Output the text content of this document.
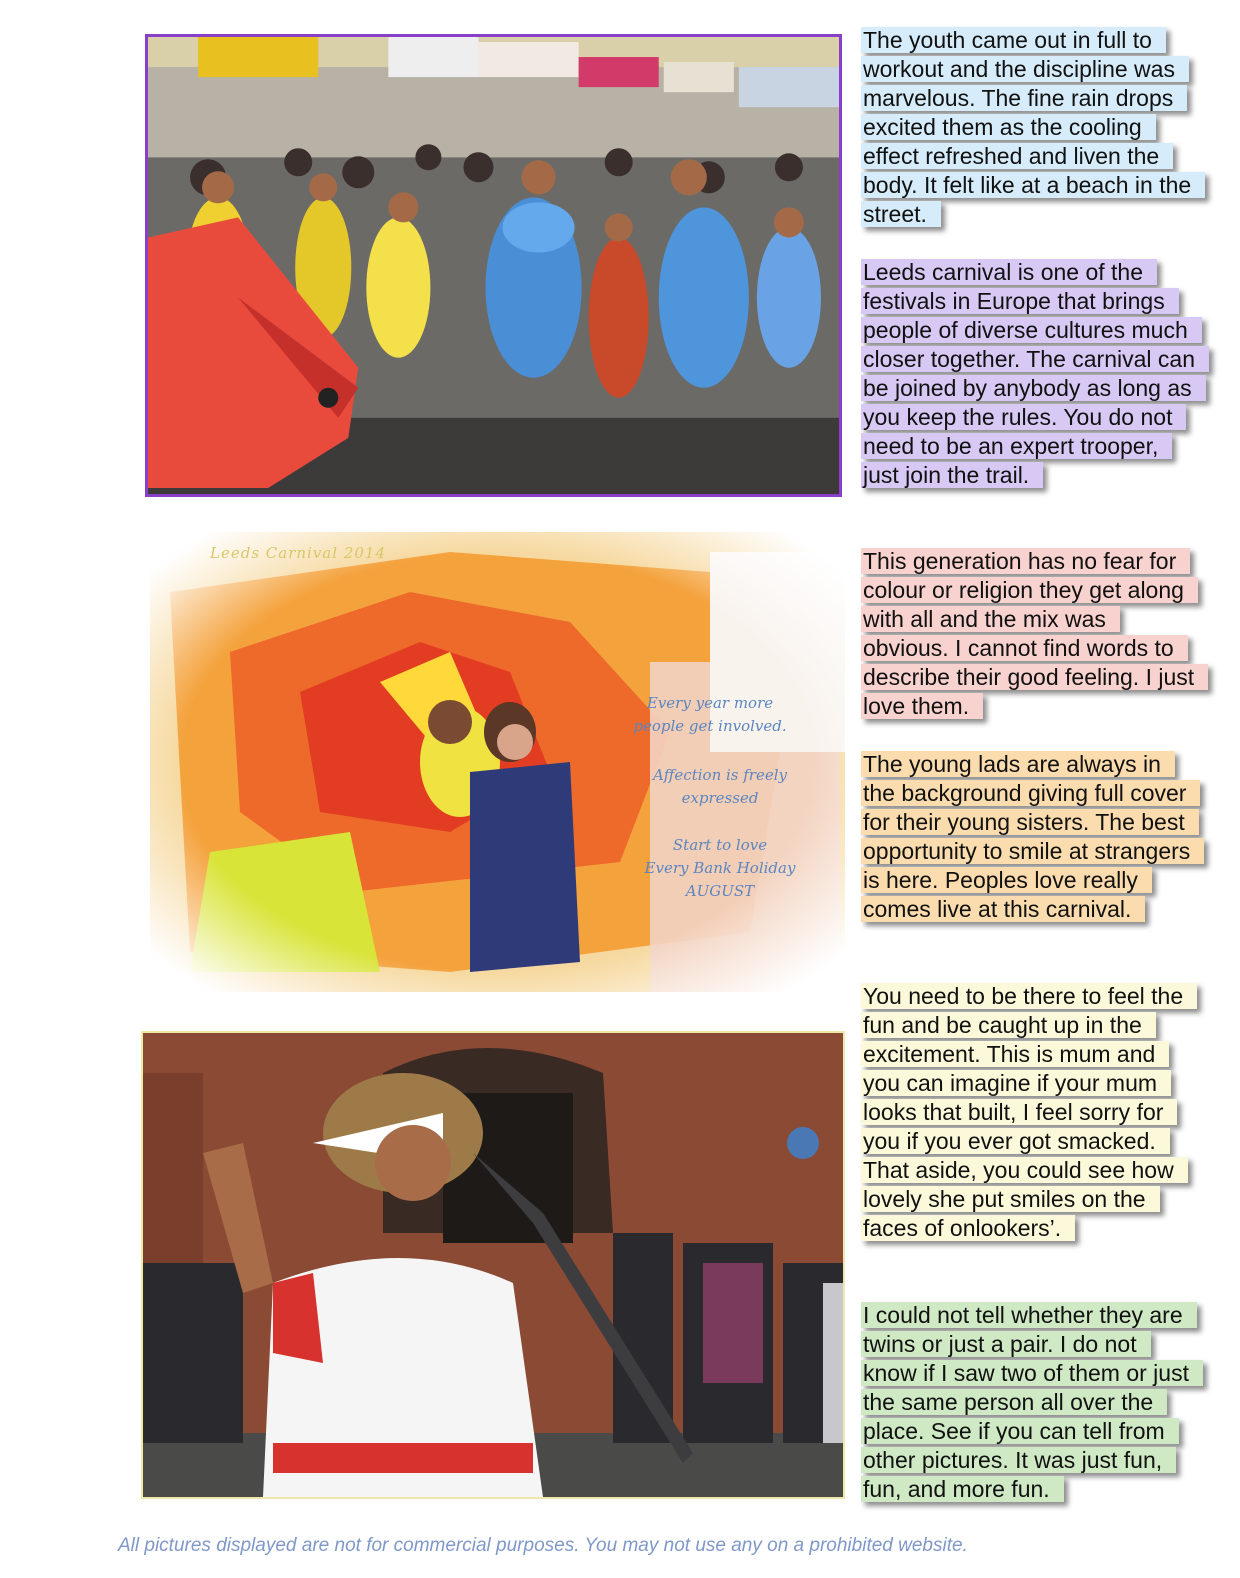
Leeds Carnival 2014
Every year more
people get involved.
Affection is freely
expressed
Start to love
Every Bank Holiday
AUGUST

The youth came out in full to workout and the discipline was marvelous. The fine rain drops excited them as the cooling effect refreshed and liven the body. It felt like at a beach in the street.

Leeds carnival is one of the festivals in Europe that brings people of diverse cultures much closer together. The carnival can be joined by anybody as long as you keep the rules. You do not need to be an expert trooper, just join the trail.

This generation has no fear for colour or religion they get along with all and the mix was obvious. I cannot find words to describe their good feeling. I just love them.

The young lads are always in the background giving full cover for their young sisters. The best opportunity to smile at strangers is here. Peoples love really comes live at this carnival.

You need to be there to feel the fun and be caught up in the excitement. This is mum and you can imagine if your mum looks that built, I feel sorry for you if you ever got smacked. That aside, you could see how lovely she put smiles on the faces of onlookers’.

I could not tell whether they are twins or just a pair. I do not know if I saw two of them or just the same person all over the place. See if you can tell from other pictures. It was just fun, fun, and more fun.

All pictures displayed are not for commercial purposes. You may not use any on a prohibited website.
